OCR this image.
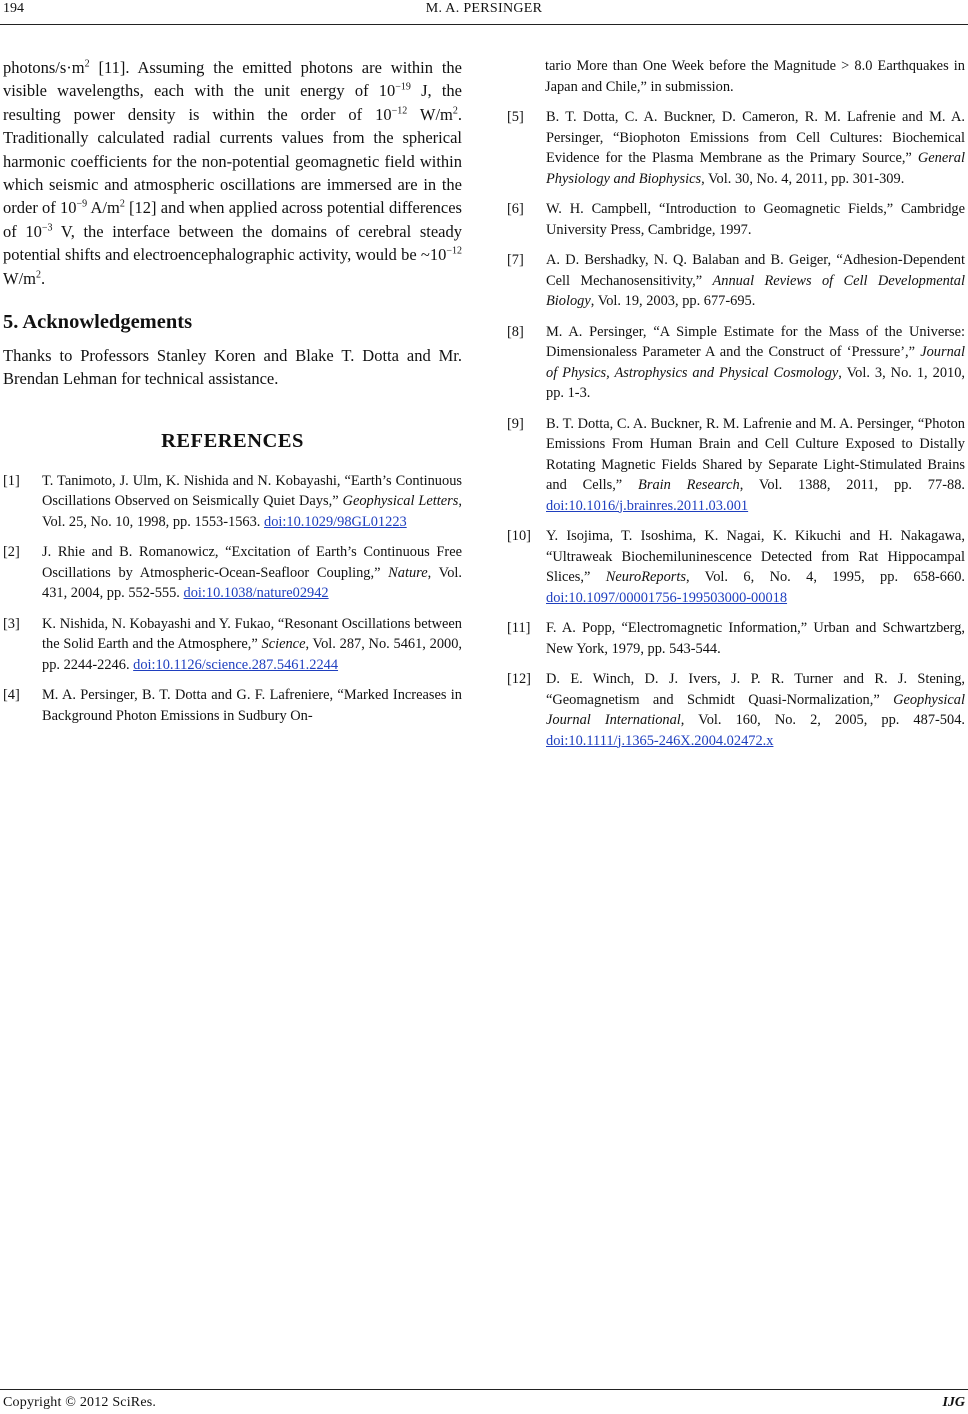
194	M. A. PERSINGER

photons/$s\cdot m^2$ [11]. Assuming the emitted photons are within the visible wavelengths, each with the unit energy of $10^{-19}$ J, the resulting power density is within the order of $10^{-12}$ $W/m^2$. Traditionally calculated radial currents values from the spherical harmonic coefficients for the non-potential geomagnetic field within which seismic and atmospheric oscillations are immersed are in the order of $10^{-9}$ $A/m^2$ [12] and when applied across potential differences of $10^{-3}$ V, the interface between the domains of cerebral steady potential shifts and electroencephalographic activity, would be $\sim 10^{-12}$ $W/m^2$.

5. Acknowledgements

Thanks to Professors Stanley Koren and Blake T. Dotta and Mr. Brendan Lehman for technical assistance.

REFERENCES
[1]	T. Tanimoto, J. Ulm, K. Nishida and N. Kobayashi, “Earth’s Continuous Oscillations Observed on Seismically Quiet Days,” Geophysical Letters, Vol. 25, No. 10, 1998, pp. 1553-1563. doi:10.1029/98GL01223
[2]	J. Rhie and B. Romanowicz, “Excitation of Earth’s Continuous Free Oscillations by Atmospheric-Ocean-Seafloor Coupling,” Nature, Vol. 431, 2004, pp. 552-555. doi:10.1038/nature02942
[3]	K. Nishida, N. Kobayashi and Y. Fukao, “Resonant Oscillations between the Solid Earth and the Atmosphere,” Science, Vol. 287, No. 5461, 2000, pp. 2244-2246. doi:10.1126/science.287.5461.2244
[4]	M. A. Persinger, B. T. Dotta and G. F. Lafreniere, “Marked Increases in Background Photon Emissions in Sudbury On-
tario More than One Week before the Magnitude > 8.0 Earthquakes in Japan and Chile,” in submission.
[5]	B. T. Dotta, C. A. Buckner, D. Cameron, R. M. Lafrenie and M. A. Persinger, “Biophoton Emissions from Cell Cultures: Biochemical Evidence for the Plasma Membrane as the Primary Source,” General Physiology and Biophysics, Vol. 30, No. 4, 2011, pp. 301-309.
[6]	W. H. Campbell, “Introduction to Geomagnetic Fields,” Cambridge University Press, Cambridge, 1997.
[7]	A. D. Bershadky, N. Q. Balaban and B. Geiger, “Adhesion-Dependent Cell Mechanosensitivity,” Annual Reviews of Cell Developmental Biology, Vol. 19, 2003, pp. 677-695.
[8]	M. A. Persinger, “A Simple Estimate for the Mass of the Universe: Dimensionaless Parameter A and the Construct of ‘Pressure’,” Journal of Physics, Astrophysics and Physical Cosmology, Vol. 3, No. 1, 2010, pp. 1-3.
[9]	B. T. Dotta, C. A. Buckner, R. M. Lafrenie and M. A. Persinger, “Photon Emissions From Human Brain and Cell Culture Exposed to Distally Rotating Magnetic Fields Shared by Separate Light-Stimulated Brains and Cells,” Brain Research, Vol. 1388, 2011, pp. 77-88. doi:10.1016/j.brainres.2011.03.001
[10]	Y. Isojima, T. Isoshima, K. Nagai, K. Kikuchi and H. Nakagawa, “Ultraweak Biochemiluninescence Detected from Rat Hippocampal Slices,” NeuroReports, Vol. 6, No. 4, 1995, pp. 658-660. doi:10.1097/00001756-199503000-00018
[11]	F. A. Popp, “Electromagnetic Information,” Urban and Schwartzberg, New York, 1979, pp. 543-544.
[12]	D. E. Winch, D. J. Ivers, J. P. R. Turner and R. J. Stening, “Geomagnetism and Schmidt Quasi-Normalization,” Geophysical Journal International, Vol. 160, No. 2, 2005, pp. 487-504. doi:10.1111/j.1365-246X.2004.02472.x
Copyright © 2012 SciRes.	IJG
